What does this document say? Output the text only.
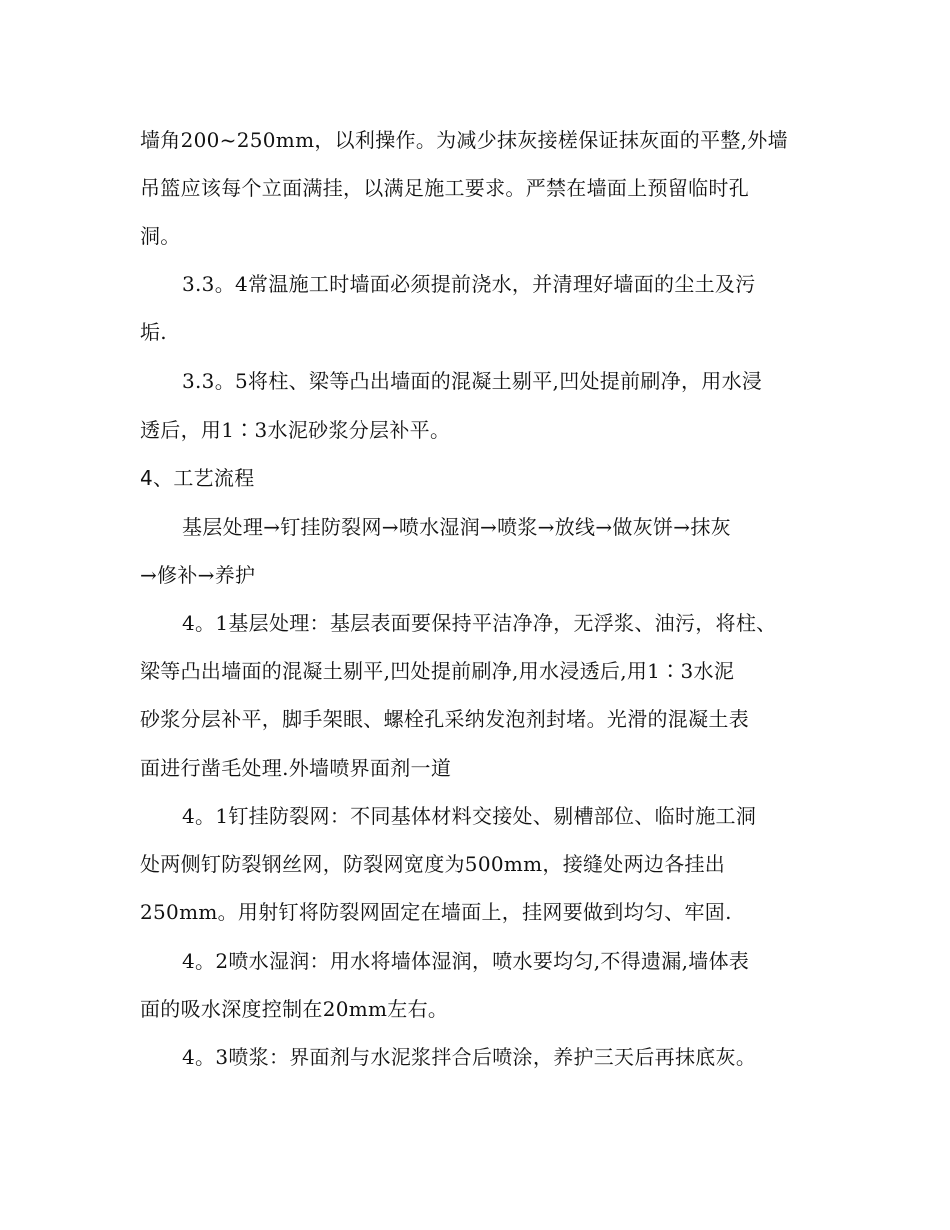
墙角200~250mm，以利操作。为减少抹灰接槎保证抹灰面的平整,外墙
吊篮应该每个立面满挂，以满足施工要求。严禁在墙面上预留临时孔
洞。
3.3。4常温施工时墙面必须提前浇水，并清理好墙面的尘土及污
垢.
3.3。5将柱、梁等凸出墙面的混凝土剔平,凹处提前刷净，用水浸
透后，用1∶3水泥砂浆分层补平。
4、工艺流程
基层处理→钉挂防裂网→喷水湿润→喷浆→放线→做灰饼→抹灰
→修补→养护
4。1基层处理：基层表面要保持平洁净净，无浮浆、油污，将柱、
梁等凸出墙面的混凝土剔平,凹处提前刷净,用水浸透后,用1∶3水泥
砂浆分层补平，脚手架眼、螺栓孔采纳发泡剂封堵。光滑的混凝土表
面进行凿毛处理.外墙喷界面剂一道
4。1钉挂防裂网：不同基体材料交接处、剔槽部位、临时施工洞
处两侧钉防裂钢丝网，防裂网宽度为500mm，接缝处两边各挂出
250mm。用射钉将防裂网固定在墙面上，挂网要做到均匀、牢固.
4。2喷水湿润：用水将墙体湿润，喷水要均匀,不得遗漏,墙体表
面的吸水深度控制在20mm左右。
4。3喷浆：界面剂与水泥浆拌合后喷涂，养护三天后再抹底灰。
